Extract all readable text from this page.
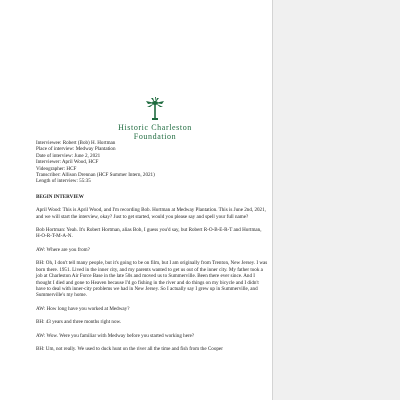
Historic Charleston
Foundation
Interviewee: Robert (Bob) H. Hortman
Place of interview: Medway Plantation
Date of interview: June 2, 2021
Interviewer: April Wood, HCF
Videographer: HCF
Transcriber: Allison Drennan (HCF Summer Intern, 2021)
Length of interview: 55:35
BEGIN INTERVIEW
April Wood: This is April Wood, and I'm recording Bob. Hortman at Medway Plantation. This is June 2nd, 2021, and we will start the interview, okay? Just to get started, would you please say and spell your full name?
Bob Hortman: Yeah. It's Robert Hortman, alias Bob, I guess you'd say, but Robert R-O-B-E-R-T and Hortman, H-O-R-T-M-A-N.
AW: Where are you from?
BH: Oh, I don't tell many people, but it's going to be on film, but I am originally from Trenton, New Jersey. I was born there. 1951. Lived in the inner city, and my parents wanted to get us out of the inner city. My father took a job at Charleston Air Force Base in the late 50s and moved us to Summerville. Been there ever since. And I thought I died and gone to Heaven because I'd go fishing in the river and do things on my bicycle and I didn't have to deal with inner-city problems we had in New Jersey. So I actually say I grew up in Summerville, and Summerville's my home.
AW: How long have you worked at Medway?
BH: 43 years and three months right now.
AW: Wow. Were you familiar with Medway before you started working here?
BH: Um, not really. We used to duck hunt on the river all the time and fish from the Cooper
